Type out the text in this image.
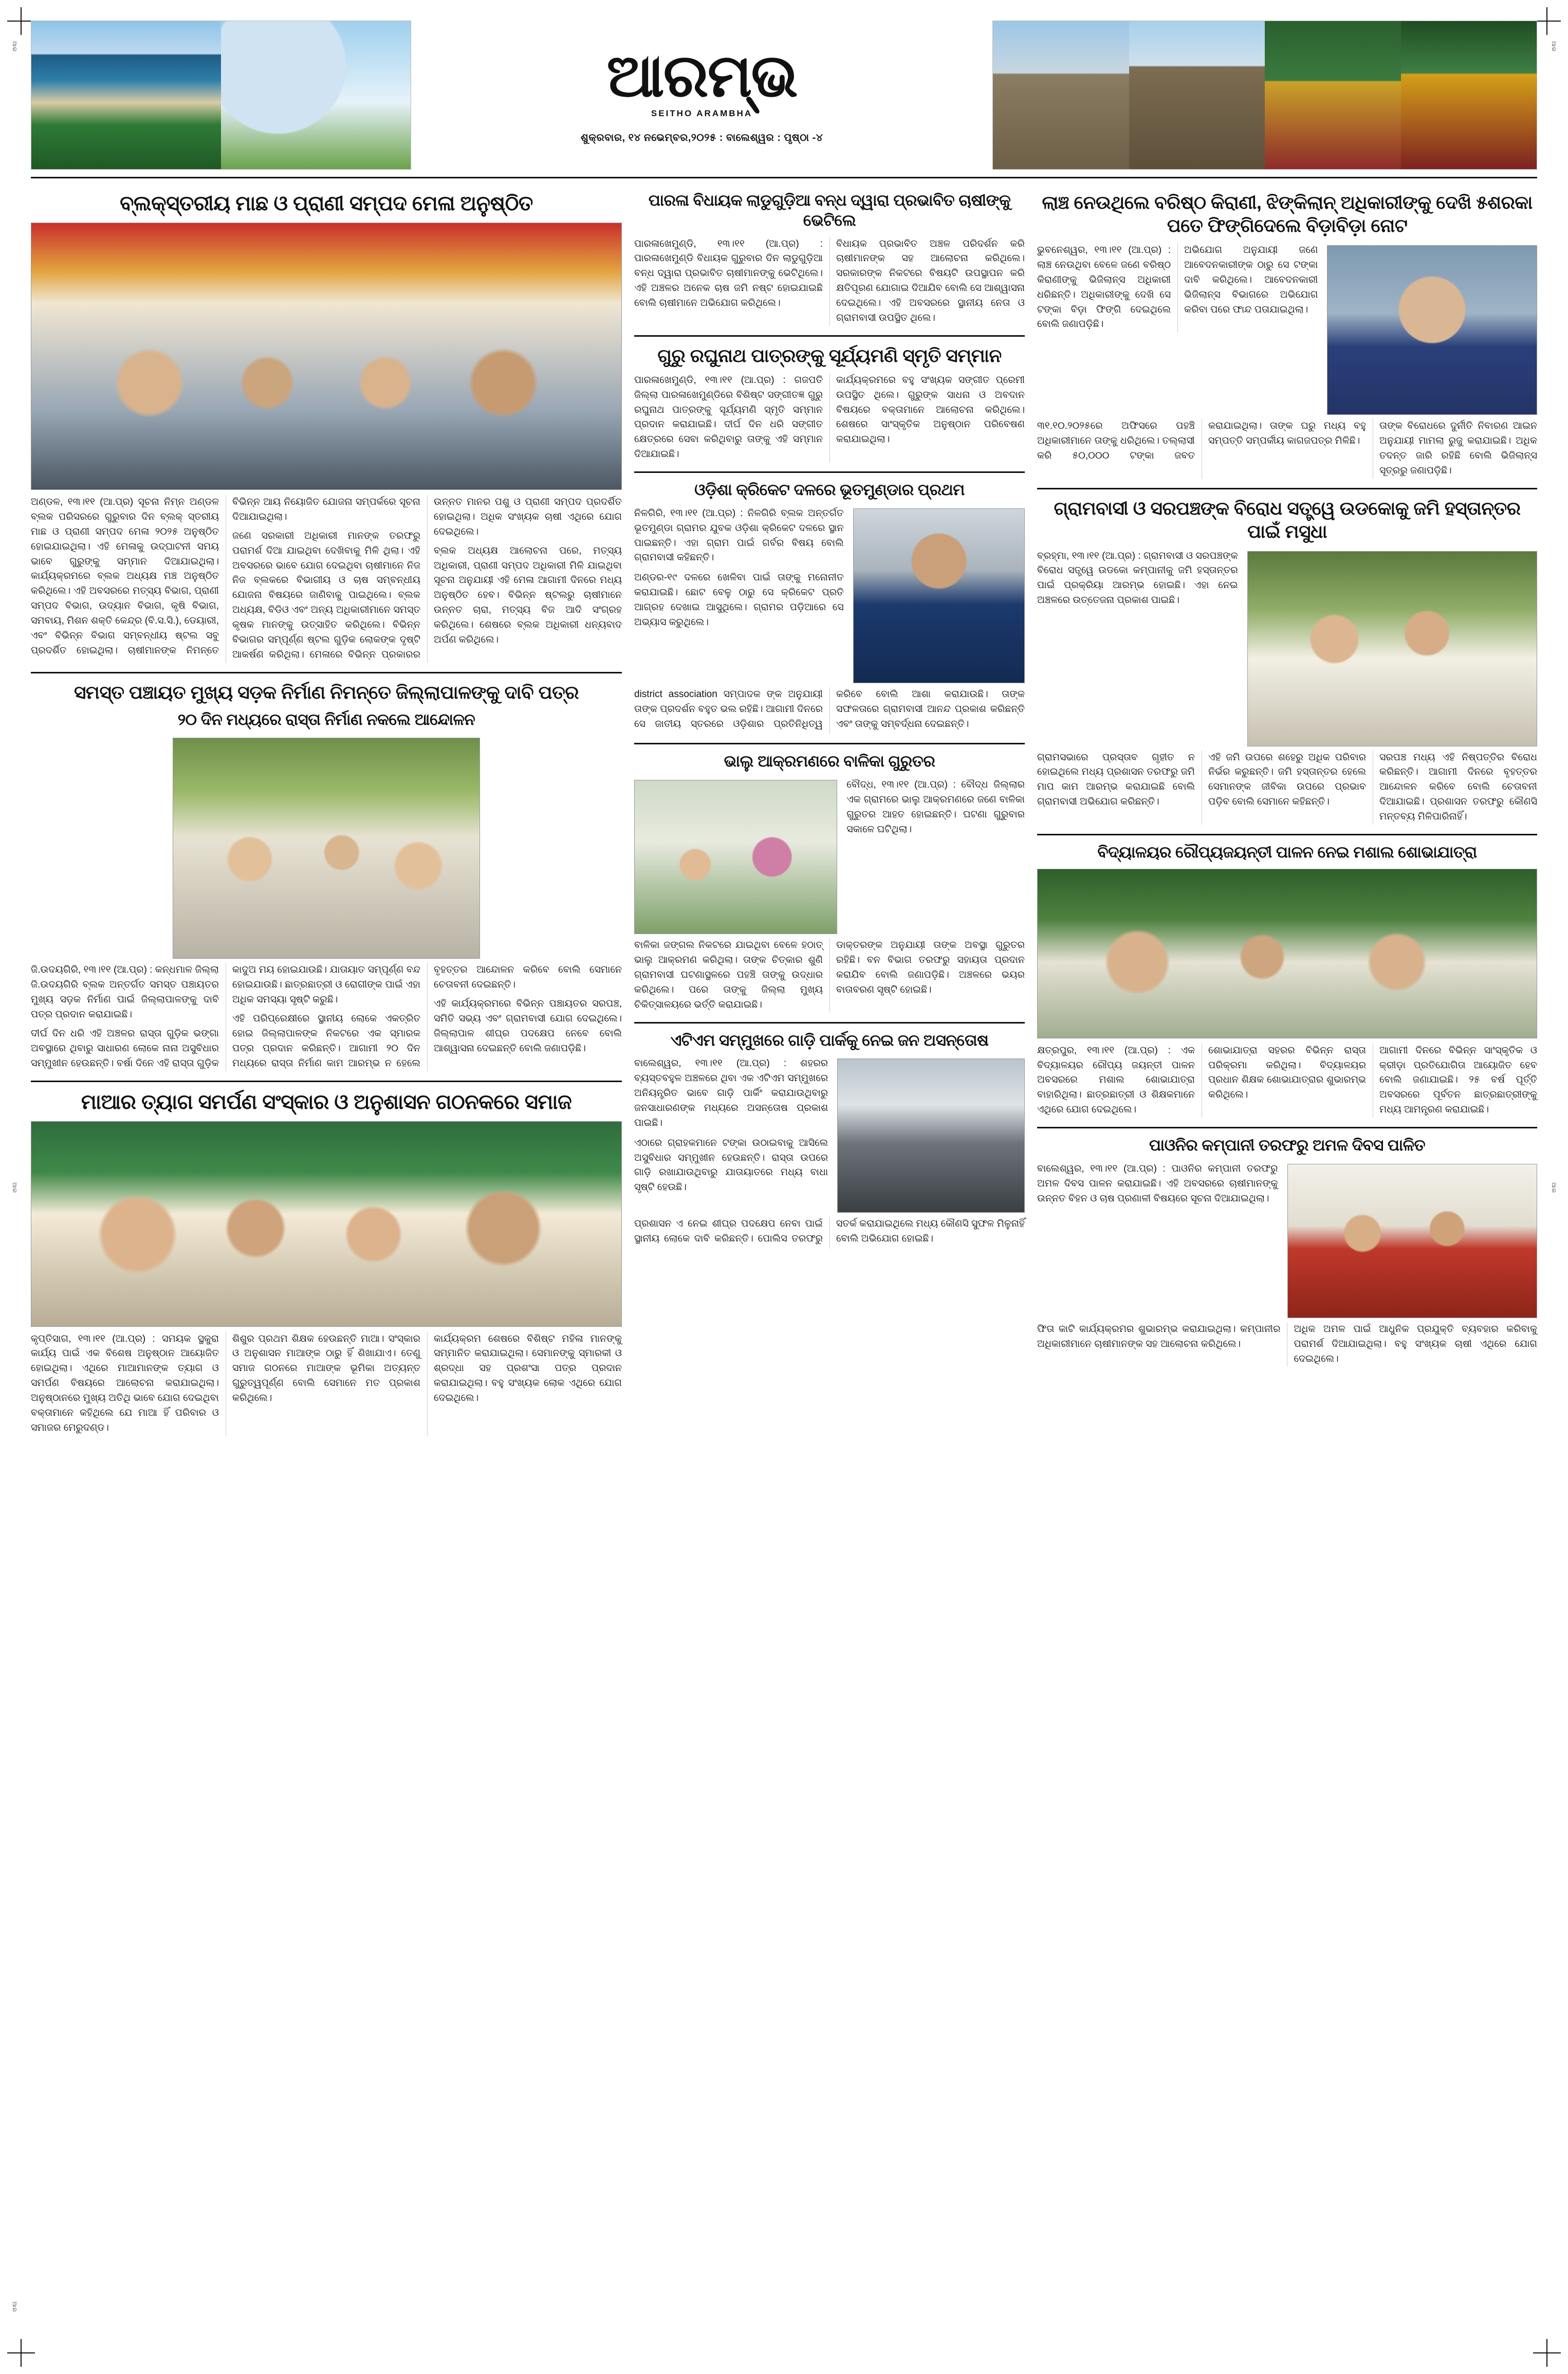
ଆର	ଆର
ଆର	ଆର
ଆର
ଆରମ୍ଭ
SEITHO ARAMBHA
ଶୁକ୍ରବାର, ୧୪ ନଭେମ୍ବର,୨୦୨୫ : ବାଲେଶ୍ୱର : ପୃଷ୍ଠା -୪
ବ୍ଲକ୍‌ସ୍ତରୀୟ ମାଛ ଓ ପ୍ରାଣୀ ସମ୍ପଦ ମେଳା ଅନୁଷ୍ଠିତ

ଅଣ୍ଡଳ, ୧୩।୧୧ (ଆ.ପ୍ର) ସୂଚନା ନିମ୍ନ ଅଣ୍ଡଳ ବ୍ଲକ ପରିସରରେ ଗୁରୁବାର ଦିନ ବ୍ଲକ୍ ସ୍ତରୀୟ ମାଛ ଓ ପ୍ରାଣୀ ସମ୍ପଦ ମେଳା ୨୦୨୫ ଅନୁଷ୍ଠିତ ହୋଇଯାଇଥିଲା। ଏହି ମେଳାକୁ ଉଦ୍‌ଘାଟନୀ ସମୟ ଭାବେ ଗୁରୁଙ୍କୁ ସମ୍ମାନ ଦିଆଯାଇଥିଲା। କାର୍ଯ୍ୟକ୍ରମରେ ବ୍ଲକ ଅଧ୍ୟକ୍ଷ ମଞ୍ଚ ଅନୁଷ୍ଠିତ କରିଥିଲେ। ଏହି ଅବସରରେ ମତ୍ସ୍ୟ ବିଭାଗ, ପ୍ରାଣୀ ସମ୍ପଦ ବିଭାଗ, ଉଦ୍ୟାନ ବିଭାଗ, କୃଷି ବିଭାଗ, ସମବାୟ, ମିଶନ ଶକ୍ତି କେନ୍ଦ୍ର (ବି.ସ.ସି.), ଡେୟାରୀ, ଏବଂ ବିଭିନ୍ନ ବିଭାଗ ସମ୍ବନ୍ଧୀୟ ଷ୍ଟଲ ସବୁ ପ୍ରଦର୍ଶିତ ହୋଇଥିଲା। ଚାଷୀମାନଙ୍କ ନିମନ୍ତେ ବିଭିନ୍ନ ଆୟ ନିୟୋଜିତ ଯୋଜନା ସମ୍ପର୍କରେ ସୂଚନା ଦିଆଯାଇଥିଲା।

ଜଣେ ସରକାରୀ ଅଧିକାରୀ ମାନଙ୍କ ତରଫରୁ ପରାମର୍ଶ ଦିଆ ଯାଇଥିବା ଦେଖିବାକୁ ମିଳି ଥିଲା। ଏହି ଅବସରରେ ଭାବେ ଯୋଗ ଦେଇଥିବା ଚାଷୀମାନେ ନିଜ ନିଜ ବ୍ଲକରେ ବିଭାଗୀୟ ଓ ଚାଷ ସମ୍ବନ୍ଧୀୟ ଯୋଜନା ବିଷୟରେ ଜାଣିବାକୁ ପାଇଥିଲେ। ବ୍ଲକ ଅଧ୍ୟକ୍ଷ, ବିଡିଓ ଏବଂ ଅନ୍ୟ ଅଧିକାରୀମାନେ ସମସ୍ତ କୃଷକ ମାନଙ୍କୁ ଉତ୍ସାହିତ କରିଥିଲେ। ବିଭିନ୍ନ ବିଭାଗର ସମ୍ପୂର୍ଣ୍ଣ ଷ୍ଟଲ ଗୁଡ଼ିକ ଲୋକଙ୍କ ଦୃଷ୍ଟି ଆକର୍ଷଣ କରିଥିଲା। ମେଳାରେ ବିଭିନ୍ନ ପ୍ରକାରର ଉନ୍ନତ ମାନର ପଶୁ ଓ ପ୍ରାଣୀ ସମ୍ପଦ ପ୍ରଦର୍ଶିତ ହୋଇଥିଲା। ଅଧିକ ସଂଖ୍ୟକ ଚାଷୀ ଏଥିରେ ଯୋଗ ଦେଇଥିଲେ।

ବ୍ଲକ ଅଧ୍ୟକ୍ଷ ଆଲୋଚନା ପରେ, ମତ୍ସ୍ୟ ଅଧିକାରୀ, ପ୍ରାଣୀ ସମ୍ପଦ ଅଧିକାରୀ ମିଳି ଯାଇଥିବା ସୂଚନା ଅନୁଯାୟୀ ଏହି ମେଳା ଆଗାମୀ ଦିନରେ ମଧ୍ୟ ଅନୁଷ୍ଠିତ ହେବ। ବିଭିନ୍ନ ଷ୍ଟଲରୁ ଚାଷୀମାନେ ଉନ୍ନତ ଚାରା, ମତ୍ସ୍ୟ ବିଜ ଆଦି ସଂଗ୍ରହ କରିଥିଲେ। ଶେଷରେ ବ୍ଲକ ଅଧିକାରୀ ଧନ୍ୟବାଦ ଅର୍ପଣ କରିଥିଲେ।

ସମସ୍ତ ପଞ୍ଚାୟତ ମୁଖ୍ୟ ସଡ଼କ ନିର୍ମାଣ ନିମନ୍ତେ ଜିଲ୍ଲାପାଳଙ୍କୁ ଦାବି ପତ୍ର
୨୦ ଦିନ ମଧ୍ୟରେ ରାସ୍ତା ନିର୍ମାଣ ନକଲେ ଆନ୍ଦୋଳନ

ଜି.ଉଦୟଗିରି, ୧୩।୧୧ (ଆ.ପ୍ର) : କନ୍ଧମାଳ ଜିଲ୍ଲା ଜି.ଉଦୟଗିରି ବ୍ଲକ ଅନ୍ତର୍ଗତ ସମସ୍ତ ପଞ୍ଚାୟତର ମୁଖ୍ୟ ସଡ଼କ ନିର୍ମାଣ ପାଇଁ ଜିଲ୍ଲାପାଳଙ୍କୁ ଦାବି ପତ୍ର ପ୍ରଦାନ କରାଯାଇଛି।

ଦୀର୍ଘ ଦିନ ଧରି ଏହି ଅଞ୍ଚଳର ରାସ୍ତା ଗୁଡ଼ିକ ଭଙ୍ଗା ଅବସ୍ଥାରେ ଥିବାରୁ ସାଧାରଣ ଲୋକେ ନାନା ଅସୁବିଧାର ସମ୍ମୁଖୀନ ହେଉଛନ୍ତି। ବର୍ଷା ଦିନେ ଏହି ରାସ୍ତା ଗୁଡ଼ିକ କାଦୁଅ ମୟ ହୋଇଯାଉଛି। ଯାତାୟାତ ସମ୍ପୂର୍ଣ୍ଣ ବନ୍ଦ ହୋଇଯାଉଛି। ଛାତ୍ରଛାତ୍ରୀ ଓ ରୋଗୀଙ୍କ ପାଇଁ ଏହା ଅଧିକ ସମସ୍ୟା ସୃଷ୍ଟି କରୁଛି।

ଏହି ପରିପ୍ରେକ୍ଷୀରେ ସ୍ଥାନୀୟ ଲୋକେ ଏକତ୍ରିତ ହୋଇ ଜିଲ୍ଲାପାଳଙ୍କ ନିକଟରେ ଏକ ସ୍ମାରକ ପତ୍ର ପ୍ରଦାନ କରିଛନ୍ତି। ଆଗାମୀ ୨୦ ଦିନ ମଧ୍ୟରେ ରାସ୍ତା ନିର୍ମାଣ କାମ ଆରମ୍ଭ ନ ହେଲେ ବୃହତ୍ତର ଆନ୍ଦୋଳନ କରିବେ ବୋଲି ସେମାନେ ଚେତାବନୀ ଦେଇଛନ୍ତି।

ଏହି କାର୍ଯ୍ୟକ୍ରମରେ ବିଭିନ୍ନ ପଞ୍ଚାୟତର ସରପଞ୍ଚ, ସମିତି ସଭ୍ୟ ଏବଂ ଗ୍ରାମବାସୀ ଯୋଗ ଦେଇଥିଲେ। ଜିଲ୍ଲାପାଳ ଶୀଘ୍ର ପଦକ୍ଷେପ ନେବେ ବୋଲି ଆଶ୍ୱାସନା ଦେଇଛନ୍ତି ବୋଲି ଜଣାପଡ଼ିଛି।

ମାଆର ତ୍ୟାଗ ସମର୍ପଣ ସଂସ୍କାର ଓ ଅନୁଶାସନ ଗଠନକରେ ସମାଜ

କୃପ୍ତିସାଗ, ୧୩।୧୧ (ଆ.ପ୍ର) : ସମୟକ ସ୍ଥକୁରା କାର୍ଯ୍ୟ ପାଇଁ ଏକ ବିଶେଷ ଅନୁଷ୍ଠାନ ଆୟୋଜିତ ହୋଇଥିଲା। ଏଥିରେ ମାଆମାନଙ୍କ ତ୍ୟାଗ ଓ ସମର୍ପଣ ବିଷୟରେ ଆଲୋଚନା କରାଯାଇଥିଲା। ଅନୁଷ୍ଠାନରେ ମୁଖ୍ୟ ଅତିଥି ଭାବେ ଯୋଗ ଦେଇଥିବା ବକ୍ତାମାନେ କହିଥିଲେ ଯେ ମାଆ ହିଁ ପରିବାର ଓ ସମାଜର ମେରୁଦଣ୍ଡ।

ଶିଶୁର ପ୍ରଥମ ଶିକ୍ଷକ ହେଉଛନ୍ତି ମାଆ। ସଂସ୍କାର ଓ ଅନୁଶାସନ ମାଆଙ୍କ ଠାରୁ ହିଁ ଶିଖାଯାଏ। ତେଣୁ ସମାଜ ଗଠନରେ ମାଆଙ୍କ ଭୂମିକା ଅତ୍ୟନ୍ତ ଗୁରୁତ୍ୱପୂର୍ଣ୍ଣ ବୋଲି ସେମାନେ ମତ ପ୍ରକାଶ କରିଥିଲେ।

କାର୍ଯ୍ୟକ୍ରମ ଶେଷରେ ବିଶିଷ୍ଟ ମହିଳା ମାନଙ୍କୁ ସମ୍ମାନିତ କରାଯାଇଥିଲା। ସେମାନଙ୍କୁ ସ୍ମାରକୀ ଓ ଶ୍ରଦ୍ଧା ସହ ପ୍ରଶଂସା ପତ୍ର ପ୍ରଦାନ କରାଯାଇଥିଲା। ବହୁ ସଂଖ୍ୟକ ଲୋକ ଏଥିରେ ଯୋଗ ଦେଇଥିଲେ।

ପାରଳା ବିଧାୟକ ଲାଡୁଗୁଡ଼ିଆ ବନ୍ଧ ଦ୍ୱାରା ପ୍ରଭାବିତ ଚାଷୀଙ୍କୁ ଭେଟିଲେ

ପାରଳାଖେମୁଣ୍ଡି, ୧୩।୧୧ (ଆ.ପ୍ର) : ପାରଳାଖେମୁଣ୍ଡି ବିଧାୟକ ଗୁରୁବାର ଦିନ ଲାଡୁଗୁଡ଼ିଆ ବନ୍ଧ ଦ୍ୱାରା ପ୍ରଭାବିତ ଚାଷୀମାନଙ୍କୁ ଭେଟିଥିଲେ। ଏହି ଅଞ୍ଚଳର ଅନେକ ଚାଷ ଜମି ନଷ୍ଟ ହୋଇଯାଇଛି ବୋଲି ଚାଷୀମାନେ ଅଭିଯୋଗ କରିଥିଲେ।

ବିଧାୟକ ପ୍ରଭାବିତ ଅଞ୍ଚଳ ପରିଦର୍ଶନ କରି ଚାଷୀମାନଙ୍କ ସହ ଆଲୋଚନା କରିଥିଲେ। ସରକାରଙ୍କ ନିକଟରେ ବିଷୟଟି ଉପସ୍ଥାପନ କରି କ୍ଷତିପୂରଣ ଯୋଗାଇ ଦିଆଯିବ ବୋଲି ସେ ଆଶ୍ୱାସନା ଦେଇଥିଲେ। ଏହି ଅବସରରେ ସ୍ଥାନୀୟ ନେତା ଓ ଗ୍ରାମବାସୀ ଉପସ୍ଥିତ ଥିଲେ।

ଗୁରୁ ରଘୁନାଥ ପାତ୍ରଙ୍କୁ ସୂର୍ଯ୍ୟମଣି ସ୍ମୃତି ସମ୍ମାନ

ପାରଳାଖେମୁଣ୍ଡି, ୧୩।୧୧ (ଆ.ପ୍ର) : ଗଜପତି ଜିଲ୍ଲା ପାରଳାଖେମୁଣ୍ଡିରେ ବିଶିଷ୍ଟ ସଙ୍ଗୀତଜ୍ଞ ଗୁରୁ ରଘୁନାଥ ପାତ୍ରଙ୍କୁ ସୂର୍ଯ୍ୟମଣି ସ୍ମୃତି ସମ୍ମାନ ପ୍ରଦାନ କରାଯାଇଛି। ଦୀର୍ଘ ଦିନ ଧରି ସଙ୍ଗୀତ କ୍ଷେତ୍ରରେ ସେବା କରିଥିବାରୁ ତାଙ୍କୁ ଏହି ସମ୍ମାନ ଦିଆଯାଇଛି।

କାର୍ଯ୍ୟକ୍ରମରେ ବହୁ ସଂଖ୍ୟକ ସଙ୍ଗୀତ ପ୍ରେମୀ ଉପସ୍ଥିତ ଥିଲେ। ଗୁରୁଙ୍କ ସାଧନା ଓ ଅବଦାନ ବିଷୟରେ ବକ୍ତାମାନେ ଆଲୋଚନା କରିଥିଲେ। ଶେଷରେ ସାଂସ୍କୃତିକ ଅନୁଷ୍ଠାନ ପରିବେଷଣ କରାଯାଇଥିଲା।

ଓଡ଼ିଶା କ୍ରିକେଟ ଦଳରେ ଭୂତମୁଣ୍ଡାର ପ୍ରଥମ

ନିଳଗିରି, ୧୩।୧୧ (ଆ.ପ୍ର) : ନିଳଗିରି ବ୍ଲକ ଅନ୍ତର୍ଗତ ଭୂତମୁଣ୍ଡା ଗ୍ରାମର ଯୁବକ ଓଡ଼ିଶା କ୍ରିକେଟ ଦଳରେ ସ୍ଥାନ ପାଇଛନ୍ତି। ଏହା ଗ୍ରାମ ପାଇଁ ଗର୍ବର ବିଷୟ ବୋଲି ଗ୍ରାମବାସୀ କହିଛନ୍ତି।

ଅଣ୍ଡର-୧୯ ଦଳରେ ଖେଳିବା ପାଇଁ ତାଙ୍କୁ ମନୋନୀତ କରାଯାଇଛି। ଛୋଟ ବେଳୁ ଠାରୁ ସେ କ୍ରିକେଟ ପ୍ରତି ଆଗ୍ରହ ଦେଖାଇ ଆସୁଥିଲେ। ଗ୍ରାମର ପଡ଼ିଆରେ ସେ ଅଭ୍ୟାସ କରୁଥିଲେ।

district association ସମ୍ପାଦକ ଙ୍କ ଅନୁଯାୟୀ ତାଙ୍କ ପ୍ରଦର୍ଶନ ବହୁତ ଭଲ ରହିଛି। ଆଗାମୀ ଦିନରେ ସେ ଜାତୀୟ ସ୍ତରରେ ଓଡ଼ିଶାର ପ୍ରତିନିଧିତ୍ୱ କରିବେ ବୋଲି ଆଶା କରାଯାଉଛି। ତାଙ୍କ ସଫଳତାରେ ଗ୍ରାମବାସୀ ଆନନ୍ଦ ପ୍ରକାଶ କରିଛନ୍ତି ଏବଂ ତାଙ୍କୁ ସମ୍ବର୍ଦ୍ଧନା ଦେଇଛନ୍ତି।

ଭାଲୁ ଆକ୍ରମଣରେ ବାଳିକା ଗୁରୁତର

ବୌଦ୍ଧ, ୧୩।୧୧ (ଆ.ପ୍ର) : ବୌଦ୍ଧ ଜିଲ୍ଲାର ଏକ ଗ୍ରାମରେ ଭାଲୁ ଆକ୍ରମଣରେ ଜଣେ ବାଳିକା ଗୁରୁତର ଆହତ ହୋଇଛନ୍ତି। ଘଟଣା ଗୁରୁବାର ସକାଳେ ଘଟିଥିଲା।

ବାଳିକା ଜଙ୍ଗଲ ନିକଟରେ ଯାଇଥିବା ବେଳେ ହଠାତ୍ ଭାଲୁ ଆକ୍ରମଣ କରିଥିଲା। ତାଙ୍କ ଚିତ୍କାର ଶୁଣି ଗ୍ରାମବାସୀ ଘଟଣାସ୍ଥଳରେ ପହଞ୍ଚି ତାଙ୍କୁ ଉଦ୍ଧାର କରିଥିଲେ। ପରେ ତାଙ୍କୁ ଜିଲ୍ଲା ମୁଖ୍ୟ ଚିକିତ୍ସାଳୟରେ ଭର୍ତ୍ତି କରାଯାଇଛି।

ଡାକ୍ତରଙ୍କ ଅନୁଯାୟୀ ତାଙ୍କ ଅବସ୍ଥା ଗୁରୁତର ରହିଛି। ବନ ବିଭାଗ ତରଫରୁ ସହାୟତା ପ୍ରଦାନ କରାଯିବ ବୋଲି ଜଣାପଡ଼ିଛି। ଅଞ୍ଚଳରେ ଭୟର ବାତାବରଣ ସୃଷ୍ଟି ହୋଇଛି।

ଏଟିଏମ ସମ୍ମୁଖରେ ଗାଡ଼ି ପାର୍କକୁ ନେଇ ଜନ ଅସନ୍ତୋଷ

ବାଲେଶ୍ୱର, ୧୩।୧୧ (ଆ.ପ୍ର) : ଶହରର ବ୍ୟସ୍ତବହୁଳ ଅଞ୍ଚଳରେ ଥିବା ଏକ ଏଟିଏମ ସମ୍ମୁଖରେ ଅନିୟନ୍ତ୍ରିତ ଭାବେ ଗାଡ଼ି ପାର୍କିଂ କରାଯାଉଥିବାରୁ ଜନସାଧାରଣଙ୍କ ମଧ୍ୟରେ ଅସନ୍ତୋଷ ପ୍ରକାଶ ପାଇଛି।

ଏଠାରେ ଗ୍ରାହକମାନେ ଟଙ୍କା ଉଠାଇବାକୁ ଆସିଲେ ଅସୁବିଧାର ସମ୍ମୁଖୀନ ହେଉଛନ୍ତି। ରାସ୍ତା ଉପରେ ଗାଡ଼ି ରଖାଯାଉଥିବାରୁ ଯାତାୟାତରେ ମଧ୍ୟ ବାଧା ସୃଷ୍ଟି ହେଉଛି।

ପ୍ରଶାସନ ଏ ନେଇ ଶୀଘ୍ର ପଦକ୍ଷେପ ନେବା ପାଇଁ ସ୍ଥାନୀୟ ଲୋକେ ଦାବି କରିଛନ୍ତି। ପୋଲିସ ତରଫରୁ ସତର୍କ କରାଯାଇଥିଲେ ମଧ୍ୟ କୌଣସି ସୁଫଳ ମିଳୁନାହିଁ ବୋଲି ଅଭିଯୋଗ ହୋଇଛି।

ଲାଞ୍ଚ ନେଉଥିଲେ ବରିଷ୍ଠ କିରାଣୀ, ଝିଙ୍କିଲାନ୍ ଅଧିକାରୀଙ୍କୁ ଦେଖି ୫ଶରକା ପତେ ଫିଙ୍ଗିଦେଲେ ବିଡ଼ାବିଡ଼ା ନୋଟ

ଭୁବନେଶ୍ୱର, ୧୩।୧୧ (ଆ.ପ୍ର) : ଲାଞ୍ଚ ନେଉଥିବା ବେଳେ ଜଣେ ବରିଷ୍ଠ କିରାଣୀଙ୍କୁ ଭିଜିଲାନ୍ସ ଅଧିକାରୀ ଧରିଛନ୍ତି। ଅଧିକାରୀଙ୍କୁ ଦେଖି ସେ ଟଙ୍କା ବିଡ଼ା ଫିଙ୍ଗି ଦେଇଥିଲେ ବୋଲି ଜଣାପଡ଼ିଛି।

ଅଭିଯୋଗ ଅନୁଯାୟୀ ଜଣେ ଆବେଦନକାରୀଙ୍କ ଠାରୁ ସେ ଟଙ୍କା ଦାବି କରିଥିଲେ। ଆବେଦନକାରୀ ଭିଜିଲାନ୍ସ ବିଭାଗରେ ଅଭିଯୋଗ କରିବା ପରେ ଫାନ୍ଦ ପତାଯାଇଥିଲା।

୩୧.୧୦.୨୦୨୫ରେ ଅଫିସରେ ପହଞ୍ଚି ଅଧିକାରୀମାନେ ତାଙ୍କୁ ଧରିଥିଲେ। ତଲ୍ଲାସୀ କରି ୫୦,୦୦୦ ଟଙ୍କା ଜବତ କରାଯାଇଥିଲା। ତାଙ୍କ ଘରୁ ମଧ୍ୟ ବହୁ ସମ୍ପତ୍ତି ସମ୍ପର୍କୀୟ କାଗଜପତ୍ର ମିଳିଛି।

ତାଙ୍କ ବିରୋଧରେ ଦୁର୍ନୀତି ନିବାରଣ ଆଇନ ଅନୁଯାୟୀ ମାମଲା ରୁଜୁ କରାଯାଇଛି। ଅଧିକ ତଦନ୍ତ ଜାରି ରହିଛି ବୋଲି ଭିଜିଲାନ୍ସ ସୂତ୍ରରୁ ଜଣାପଡ଼ିଛି।

ଗ୍ରାମବାସୀ ଓ ସରପଞ୍ଚଙ୍କ ବିରୋଧ ସତ୍ତ୍ୱେ ଉଡକୋକୁ ଜମି ହସ୍ତାନ୍ତର ପାଇଁ ମସୁଧା

ବ୍ରହ୍ମା, ୧୩।୧୧ (ଆ.ପ୍ର) : ଗ୍ରାମବାସୀ ଓ ସରପଞ୍ଚଙ୍କ ବିରୋଧ ସତ୍ତ୍ୱେ ଉଡକୋ କମ୍ପାନୀକୁ ଜମି ହସ୍ତାନ୍ତର ପାଇଁ ପ୍ରକ୍ରିୟା ଆରମ୍ଭ ହୋଇଛି। ଏହା ନେଇ ଅଞ୍ଚଳରେ ଉତ୍ତେଜନା ପ୍ରକାଶ ପାଇଛି।

ଗ୍ରାମସଭାରେ ପ୍ରସ୍ତାବ ଗୃହୀତ ନ ହୋଇଥିଲେ ମଧ୍ୟ ପ୍ରଶାସନ ତରଫରୁ ଜମି ମାପ କାମ ଆରମ୍ଭ କରାଯାଇଛି ବୋଲି ଗ୍ରାମବାସୀ ଅଭିଯୋଗ କରିଛନ୍ତି।

ଏହି ଜମି ଉପରେ ଶହେରୁ ଅଧିକ ପରିବାର ନିର୍ଭର କରୁଛନ୍ତି। ଜମି ହସ୍ତାନ୍ତର ହେଲେ ସେମାନଙ୍କ ଜୀବିକା ଉପରେ ପ୍ରଭାବ ପଡ଼ିବ ବୋଲି ସେମାନେ କହିଛନ୍ତି।

ସରପଞ୍ଚ ମଧ୍ୟ ଏହି ନିଷ୍ପତ୍ତିର ବିରୋଧ କରିଛନ୍ତି। ଆଗାମୀ ଦିନରେ ବୃହତ୍ତର ଆନ୍ଦୋଳନ କରିବେ ବୋଲି ଚେତାବନୀ ଦିଆଯାଇଛି। ପ୍ରଶାସନ ତରଫରୁ କୌଣସି ମନ୍ତବ୍ୟ ମିଳିପାରିନାହିଁ।

ବିଦ୍ୟାଳୟର ରୌପ୍ୟଜୟନ୍ତୀ ପାଳନ ନେଇ ମଶାଲ ଶୋଭାଯାତ୍ରା

କ୍ଷତ୍ରପୁର, ୧୩।୧୧ (ଆ.ପ୍ର) : ଏକ ବିଦ୍ୟାଳୟର ରୌପ୍ୟ ଜୟନ୍ତୀ ପାଳନ ଅବସରରେ ମଶାଲ ଶୋଭାଯାତ୍ରା ବାହାରିଥିଲା। ଛାତ୍ରଛାତ୍ରୀ ଓ ଶିକ୍ଷକମାନେ ଏଥିରେ ଯୋଗ ଦେଇଥିଲେ।

ଶୋଭାଯାତ୍ରା ସହରର ବିଭିନ୍ନ ରାସ୍ତା ପରିକ୍ରମା କରିଥିଲା। ବିଦ୍ୟାଳୟର ପ୍ରଧାନ ଶିକ୍ଷକ ଶୋଭାଯାତ୍ରାର ଶୁଭାରମ୍ଭ କରିଥିଲେ।

ଆଗାମୀ ଦିନରେ ବିଭିନ୍ନ ସାଂସ୍କୃତିକ ଓ କ୍ରୀଡ଼ା ପ୍ରତିଯୋଗିତା ଆୟୋଜିତ ହେବ ବୋଲି ଜଣାଯାଇଛି। ୨୫ ବର୍ଷ ପୂର୍ତ୍ତି ଅବସରରେ ପୂର୍ବତନ ଛାତ୍ରଛାତ୍ରୀଙ୍କୁ ମଧ୍ୟ ଆମନ୍ତ୍ରଣ କରାଯାଇଛି।

ପାଓନିର କମ୍ପାନୀ ତରଫରୁ ଅମଳ ଦିବସ ପାଳିତ

ବାଲେଶ୍ୱର, ୧୩।୧୧ (ଆ.ପ୍ର) : ପାଓନିର କମ୍ପାନୀ ତରଫରୁ ଅମଳ ଦିବସ ପାଳନ କରାଯାଇଛି। ଏହି ଅବସରରେ ଚାଷୀମାନଙ୍କୁ ଉନ୍ନତ ବିହନ ଓ ଚାଷ ପ୍ରଣାଳୀ ବିଷୟରେ ସୂଚନା ଦିଆଯାଇଥିଲା।

ଫିତା କାଟି କାର୍ଯ୍ୟକ୍ରମର ଶୁଭାରମ୍ଭ କରାଯାଇଥିଲା। କମ୍ପାନୀର ଅଧିକାରୀମାନେ ଚାଷୀମାନଙ୍କ ସହ ଆଲୋଚନା କରିଥିଲେ।

ଅଧିକ ଅମଳ ପାଇଁ ଆଧୁନିକ ପ୍ରଯୁକ୍ତି ବ୍ୟବହାର କରିବାକୁ ପରାମର୍ଶ ଦିଆଯାଇଥିଲା। ବହୁ ସଂଖ୍ୟକ ଚାଷୀ ଏଥିରେ ଯୋଗ ଦେଇଥିଲେ।
